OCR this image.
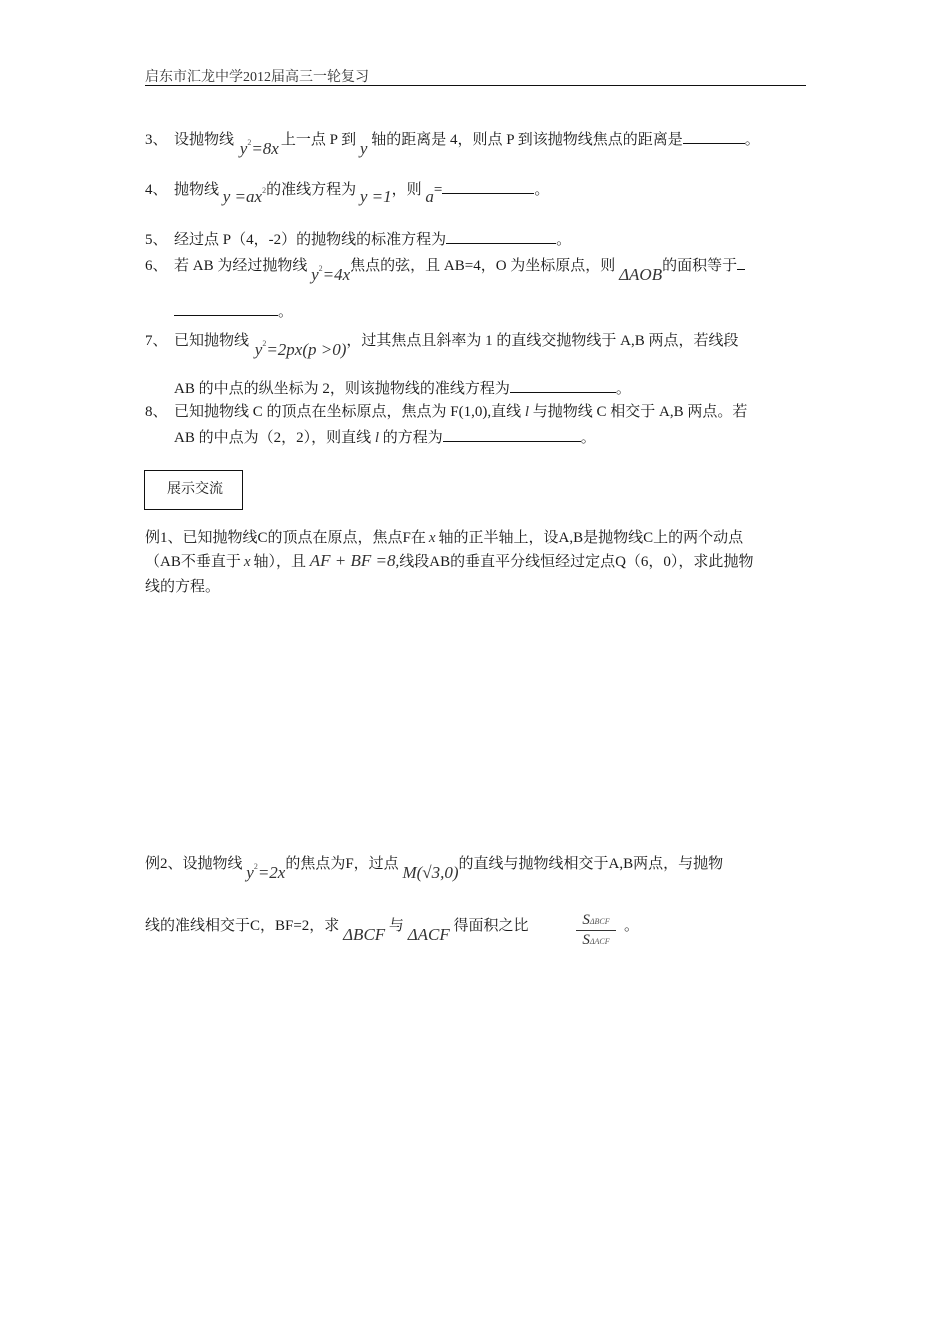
启东市汇龙中学2012届高三一轮复习
3、 设抛物线 $y^2=8x$ 上一点 P 到 y 轴的距离是 4，则点 P 到该抛物线焦点的距离是	。
4、 抛物线 $y =ax^2$的准线方程为 y =1，则 a=	。
5、 经过点 P（4，-2）的抛物线的标准方程为	。
6、 若 AB 为经过抛物线 $y^2=4x$焦点的弦，且 AB=4，O 为坐标原点，则 ΔAOB的面积等于
。
7、 已知抛物线 $y^2=2px(p >0)$，过其焦点且斜率为 1 的直线交抛物线于 A,B 两点，若线段
AB 的中点的纵坐标为 2，则该抛物线的准线方程为	。
8、 已知抛物线 C 的顶点在坐标原点，焦点为 F(1,0),直线 l 与抛物线 C 相交于 A,B 两点。若
AB 的中点为（2，2），则直线 l 的方程为	。
展示交流
例1、已知抛物线C的顶点在原点，焦点F在 x 轴的正半轴上，设A,B是抛物线C上的两个动点
（AB不垂直于 x 轴），且 AF + BF =8,线段AB的垂直平分线恒经过定点Q（6，0），求此抛物
线的方程。
例2、设抛物线 $y^2=2x$的焦点为F，过点 M(√3,0)的直线与抛物线相交于A,B两点，与抛物
线的准线相交于C，BF=2，求 ΔBCF 与 ΔACF 得面积之比	SΔBCF
SΔACF
。
